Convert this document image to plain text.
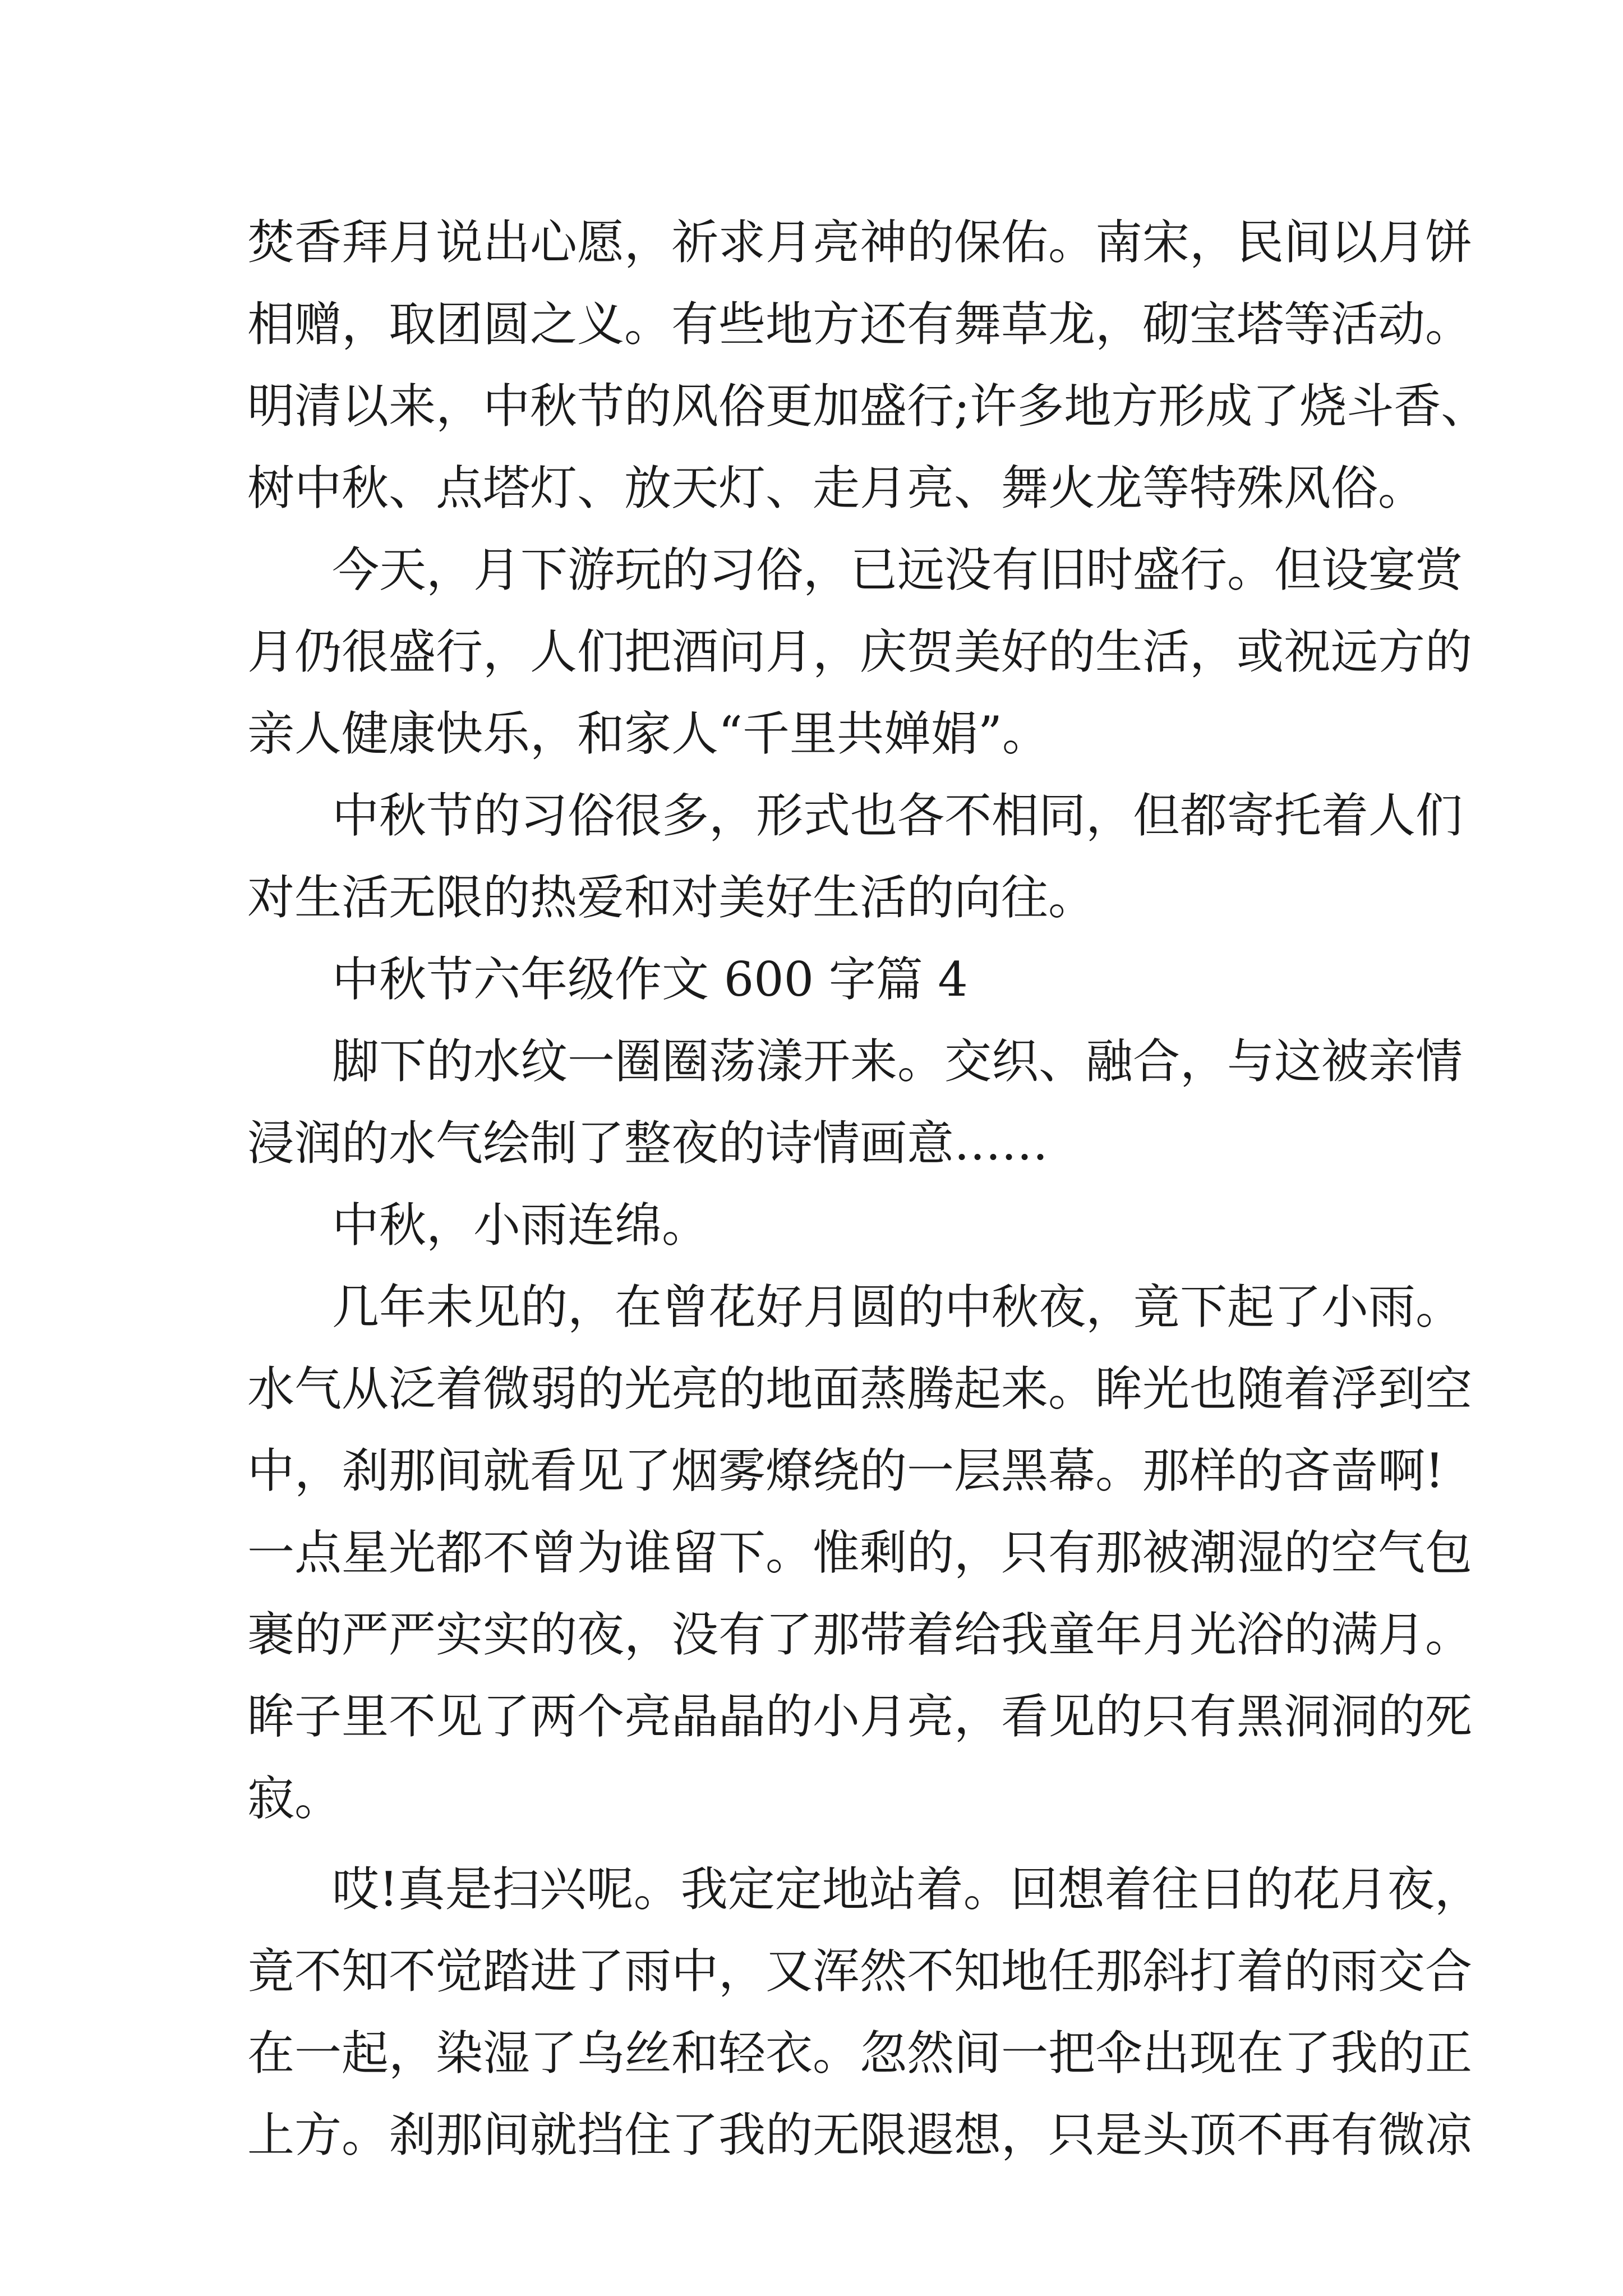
焚香拜月说出心愿，祈求月亮神的保佑。南宋，民间以月饼
相赠，取团圆之义。有些地方还有舞草龙，砌宝塔等活动。
明清以来，中秋节的风俗更加盛行;许多地方形成了烧斗香、
树中秋、点塔灯、放天灯、走月亮、舞火龙等特殊风俗。
今天，月下游玩的习俗，已远没有旧时盛行。但设宴赏
月仍很盛行，人们把酒问月，庆贺美好的生活，或祝远方的
亲人健康快乐，和家人“千里共婵娟”。
中秋节的习俗很多，形式也各不相同，但都寄托着人们
对生活无限的热爱和对美好生活的向往。
中秋节六年级作文 600 字篇 4
脚下的水纹一圈圈荡漾开来。交织、融合，与这被亲情
浸润的水气绘制了整夜的诗情画意……
中秋，小雨连绵。
几年未见的，在曾花好月圆的中秋夜，竟下起了小雨。
水气从泛着微弱的光亮的地面蒸腾起来。眸光也随着浮到空
中，刹那间就看见了烟雾燎绕的一层黑幕。那样的吝啬啊!
一点星光都不曾为谁留下。惟剩的，只有那被潮湿的空气包
裹的严严实实的夜，没有了那带着给我童年月光浴的满月。
眸子里不见了两个亮晶晶的小月亮，看见的只有黑洞洞的死
寂。
哎!真是扫兴呢。我定定地站着。回想着往日的花月夜，
竟不知不觉踏进了雨中，又浑然不知地任那斜打着的雨交合
在一起，染湿了乌丝和轻衣。忽然间一把伞出现在了我的正
上方。刹那间就挡住了我的无限遐想，只是头顶不再有微凉
